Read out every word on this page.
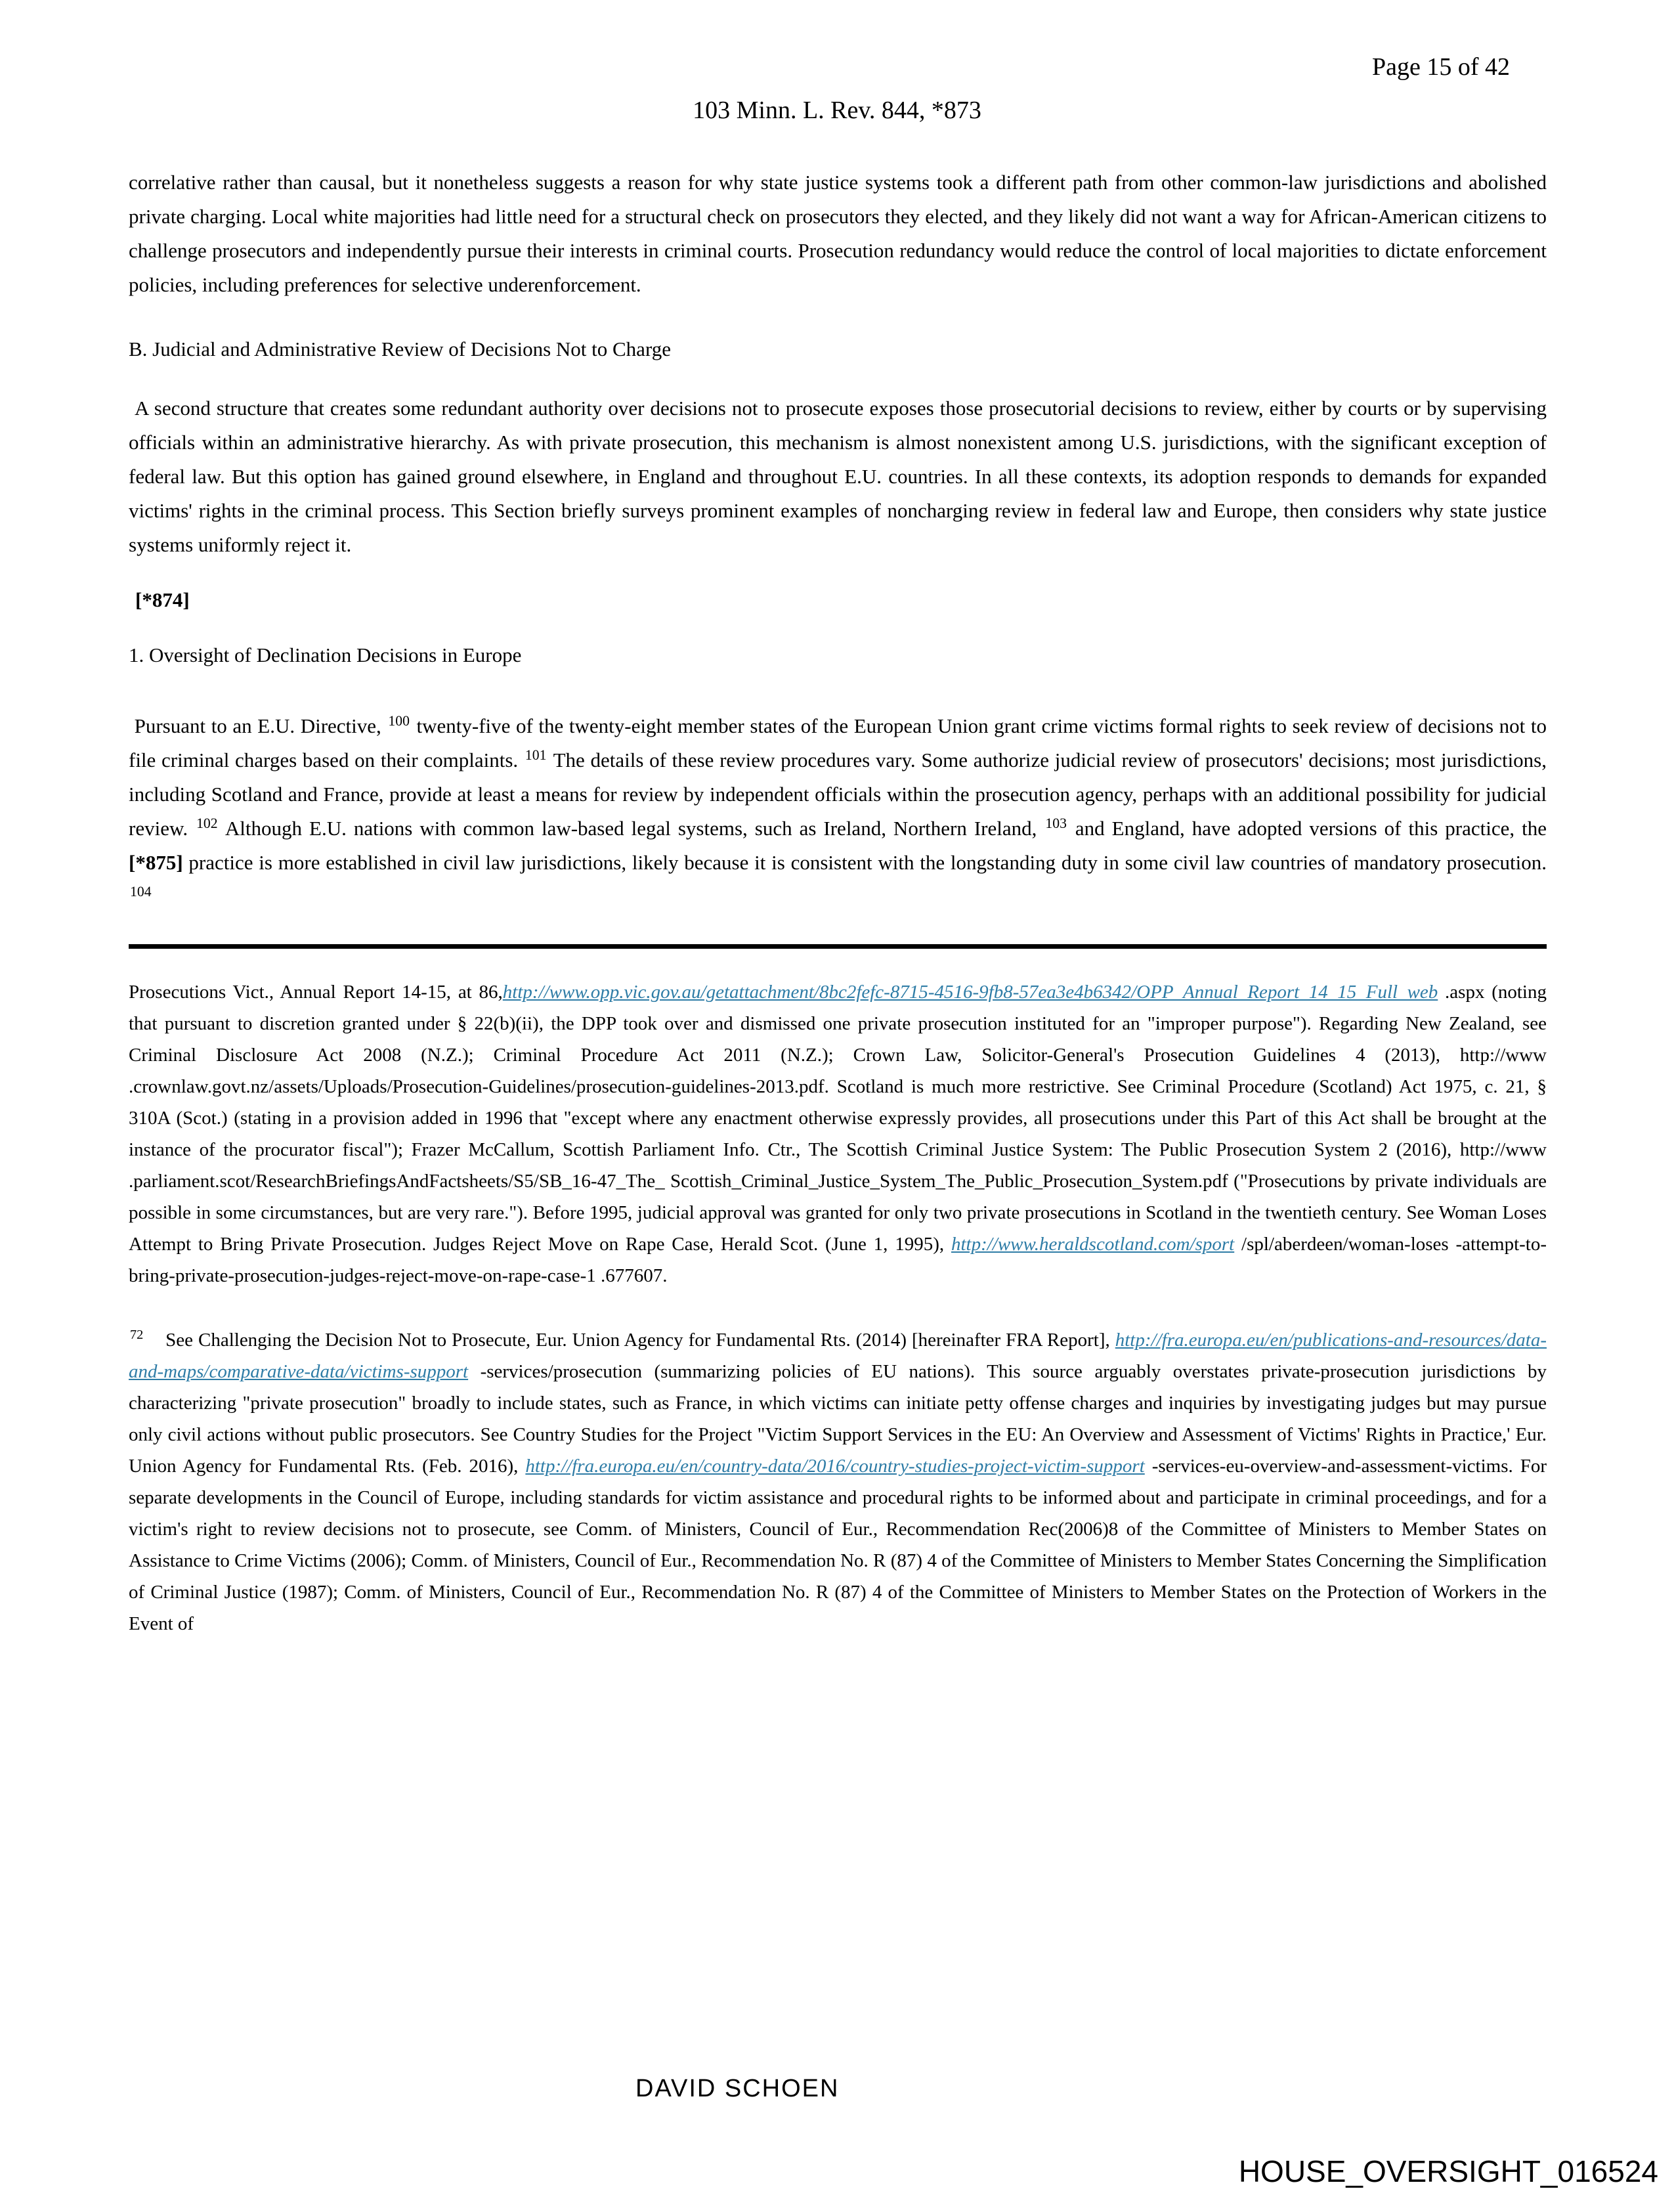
Page 15 of 42
103 Minn. L. Rev. 844, *873

correlative rather than causal, but it nonetheless suggests a reason for why state justice systems took a different path from other common-law jurisdictions and abolished private charging. Local white majorities had little need for a structural check on prosecutors they elected, and they likely did not want a way for African-American citizens to challenge prosecutors and independently pursue their interests in criminal courts. Prosecution redundancy would reduce the control of local majorities to dictate enforcement policies, including preferences for selective underenforcement.

B. Judicial and Administrative Review of Decisions Not to Charge

A second structure that creates some redundant authority over decisions not to prosecute exposes those prosecutorial decisions to review, either by courts or by supervising officials within an administrative hierarchy. As with private prosecution, this mechanism is almost nonexistent among U.S. jurisdictions, with the significant exception of federal law. But this option has gained ground elsewhere, in England and throughout E.U. countries. In all these contexts, its adoption responds to demands for expanded victims' rights in the criminal process. This Section briefly surveys prominent examples of noncharging review in federal law and Europe, then considers why state justice systems uniformly reject it.

[*874]

1. Oversight of Declination Decisions in Europe

Pursuant to an E.U. Directive, $^{100}$ twenty-five of the twenty-eight member states of the European Union grant crime victims formal rights to seek review of decisions not to file criminal charges based on their complaints. $^{101}$ The details of these review procedures vary. Some authorize judicial review of prosecutors' decisions; most jurisdictions, including Scotland and France, provide at least a means for review by independent officials within the prosecution agency, perhaps with an additional possibility for judicial review. $^{102}$ Although E.U. nations with common law-based legal systems, such as Ireland, Northern Ireland, $^{103}$ and England, have adopted versions of this practice, the [*875] practice is more established in civil law jurisdictions, likely because it is consistent with the longstanding duty in some civil law countries of mandatory prosecution. $^{104}$

Prosecutions Vict., Annual Report 14-15, at 86,http://www.opp.vic.gov.au/getattachment/8bc2fefc-8715-4516-9fb8-57ea3e4b6342/OPP_Annual_Report_14_15_Full_web .aspx (noting that pursuant to discretion granted under § 22(b)(ii), the DPP took over and dismissed one private prosecution instituted for an "improper purpose"). Regarding New Zealand, see Criminal Disclosure Act 2008 (N.Z.); Criminal Procedure Act 2011 (N.Z.); Crown Law, Solicitor-General's Prosecution Guidelines 4 (2013), http://www .crownlaw.govt.nz/assets/Uploads/Prosecution-Guidelines/prosecution-guidelines-2013.pdf. Scotland is much more restrictive. See Criminal Procedure (Scotland) Act 1975, c. 21, § 310A (Scot.) (stating in a provision added in 1996 that "except where any enactment otherwise expressly provides, all prosecutions under this Part of this Act shall be brought at the instance of the procurator fiscal"); Frazer McCallum, Scottish Parliament Info. Ctr., The Scottish Criminal Justice System: The Public Prosecution System 2 (2016), http://www .parliament.scot/ResearchBriefingsAndFactsheets/S5/SB_16-47_The_ Scottish_Criminal_Justice_System_The_Public_Prosecution_System.pdf ("Prosecutions by private individuals are possible in some circumstances, but are very rare."). Before 1995, judicial approval was granted for only two private prosecutions in Scotland in the twentieth century. See Woman Loses Attempt to Bring Private Prosecution. Judges Reject Move on Rape Case, Herald Scot. (June 1, 1995), http://www.heraldscotland.com/sport /spl/aberdeen/woman-loses -attempt-to-bring-private-prosecution-judges-reject-move-on-rape-case-1 .677607.

$^{72}$    See Challenging the Decision Not to Prosecute, Eur. Union Agency for Fundamental Rts. (2014) [hereinafter FRA Report], http://fra.europa.eu/en/publications-and-resources/data-and-maps/comparative-data/victims-support -services/prosecution (summarizing policies of EU nations). This source arguably overstates private-prosecution jurisdictions by characterizing "private prosecution" broadly to include states, such as France, in which victims can initiate petty offense charges and inquiries by investigating judges but may pursue only civil actions without public prosecutors. See Country Studies for the Project "Victim Support Services in the EU: An Overview and Assessment of Victims' Rights in Practice,' Eur. Union Agency for Fundamental Rts. (Feb. 2016), http://fra.europa.eu/en/country-data/2016/country-studies-project-victim-support -services-eu-overview-and-assessment-victims. For separate developments in the Council of Europe, including standards for victim assistance and procedural rights to be informed about and participate in criminal proceedings, and for a victim's right to review decisions not to prosecute, see Comm. of Ministers, Council of Eur., Recommendation Rec(2006)8 of the Committee of Ministers to Member States on Assistance to Crime Victims (2006); Comm. of Ministers, Council of Eur., Recommendation No. R (87) 4 of the Committee of Ministers to Member States Concerning the Simplification of Criminal Justice (1987); Comm. of Ministers, Council of Eur., Recommendation No. R (87) 4 of the Committee of Ministers to Member States on the Protection of Workers in the Event of

DAVID SCHOEN
HOUSE_OVERSIGHT_016524
